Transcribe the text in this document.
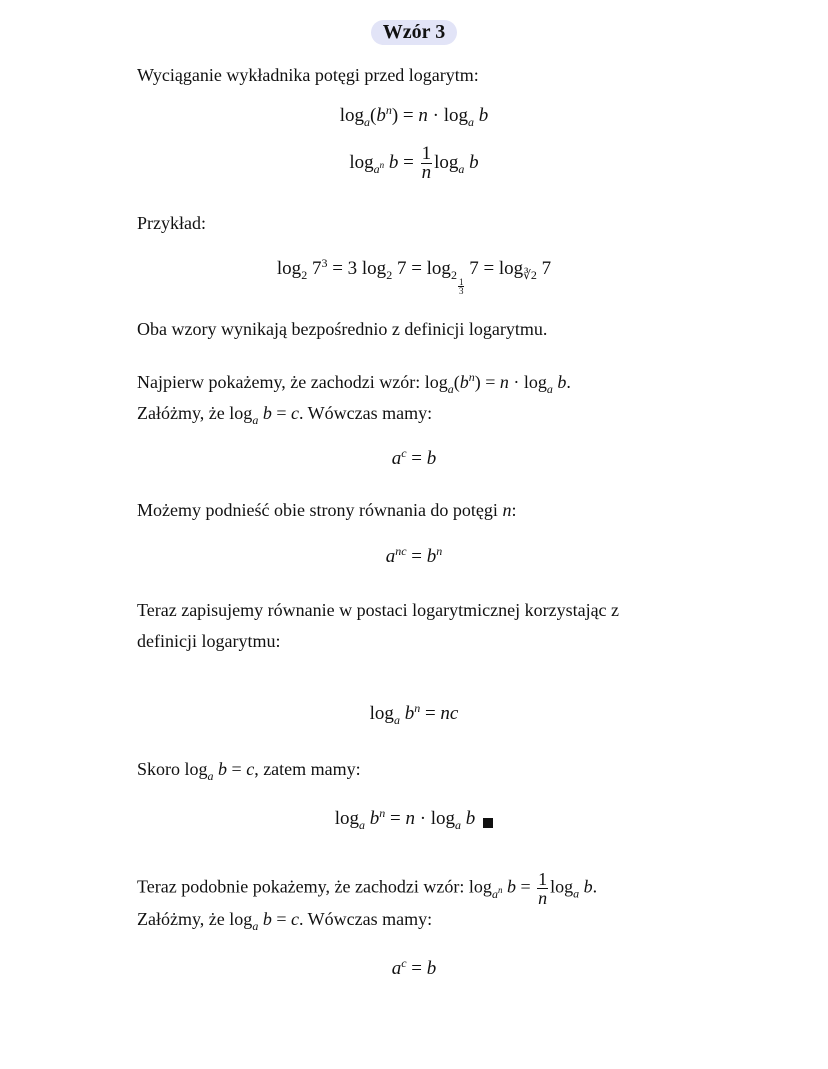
Wzór 3
Wyciąganie wykładnika potęgi przed logarytm:
$\log_a(b^n) = n \cdot \log_a b$
$\log_{a^n} b = \frac{1}{n} \log_a b$
Przykład:
$\log_2 7^3 = 3$ $\log_2 7 = \log_{2 \frac{1}{3}}$
$7 = \log_{∛2} 7$
Oba wzory wynikają bezpośrednio z definicji logarytmu.
Najpierw pokażemy, że zachodzi wzór: $\log_a(b^n) = n \cdot \log_a b$.
Załóżmy, że $\log_a b = c$. Wówczas mamy:
$a^c = b$
Możemy podnieść obie strony równania do potęgi n:
$a^{nc} = b^n$
Teraz zapisujemy równanie w postaci logarytmicznej korzystając z
definicji logarytmu:
$\log_a b^n$ = nc
Skoro $\log_a b = c$, zatem mamy:
$\log_a b^n = n \cdot \log_a b$
Teraz podobnie pokażemy, że zachodzi wzór: $\log_{a^n} b = \frac{1}{n} \log_a b$.
Załóżmy, że $\log_a b = c$. Wówczas mamy:
$a^c = b$
